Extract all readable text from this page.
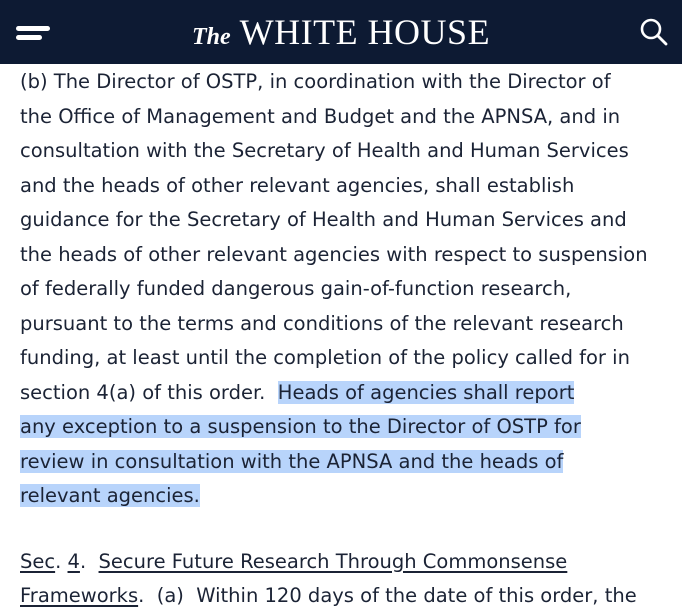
The WHITE HOUSE

(b) The Director of OSTP, in coordination with the Director of
the Office of Management and Budget and the APNSA, and in
consultation with the Secretary of Health and Human Services
and the heads of other relevant agencies, shall establish
guidance for the Secretary of Health and Human Services and
the heads of other relevant agencies with respect to suspension
of federally funded dangerous gain-of-function research,
pursuant to the terms and conditions of the relevant research
funding, at least until the completion of the policy called for in
section 4(a) of this order.  Heads of agencies shall report
any exception to a suspension to the Director of OSTP for
review in consultation with the APNSA and the heads of
relevant agencies.

Sec. 4.  Secure Future Research Through Commonsense
Frameworks.  (a)  Within 120 days of the date of this order, the
